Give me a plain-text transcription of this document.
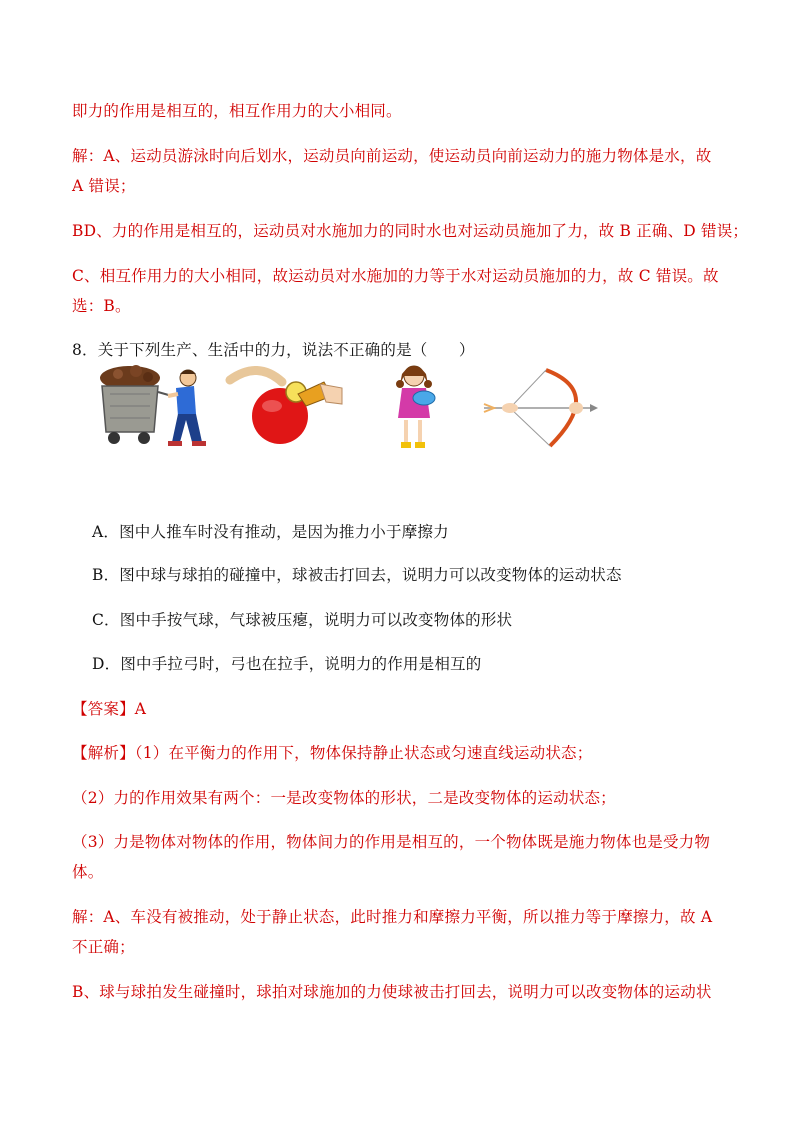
即力的作用是相互的，相互作用力的大小相同。
解：A、运动员游泳时向后划水，运动员向前运动，使运动员向前运动力的施力物体是水，故
A 错误；
BD、力的作用是相互的，运动员对水施加力的同时水也对运动员施加了力，故 B 正确、D 错误；
C、相互作用力的大小相同，故运动员对水施加的力等于水对运动员施加的力，故 C 错误。故
选：B。
8．关于下列生产、生活中的力，说法不正确的是（　　）
A．图中人推车时没有推动，是因为推力小于摩擦力
B．图中球与球拍的碰撞中，球被击打回去，说明力可以改变物体的运动状态
C．图中手按气球，气球被压瘪，说明力可以改变物体的形状
D．图中手拉弓时，弓也在拉手，说明力的作用是相互的
【答案】A
【解析】（1）在平衡力的作用下，物体保持静止状态或匀速直线运动状态；
（2）力的作用效果有两个：一是改变物体的形状，二是改变物体的运动状态；
（3）力是物体对物体的作用，物体间力的作用是相互的，一个物体既是施力物体也是受力物
体。
解：A、车没有被推动，处于静止状态，此时推力和摩擦力平衡，所以推力等于摩擦力，故 A
不正确；
B、球与球拍发生碰撞时，球拍对球施加的力使球被击打回去，说明力可以改变物体的运动状
